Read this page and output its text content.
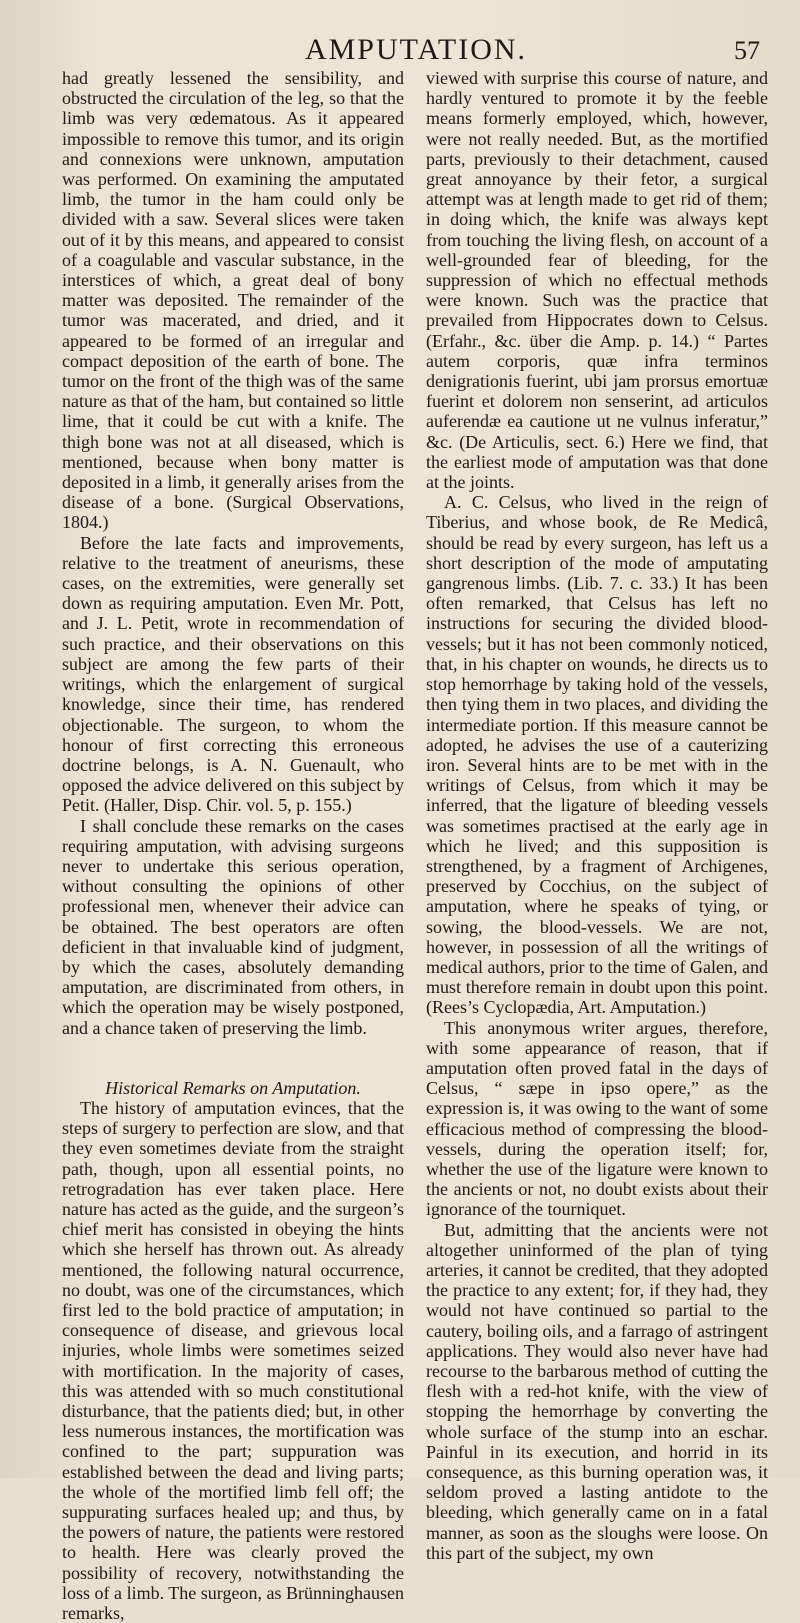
AMPUTATION.	57

had greatly lessened the sensibility, and obstructed the circulation of the leg, so that the limb was very œdematous. As it appeared impossible to remove this tumor, and its origin and connexions were unknown, amputation was performed. On examining the amputated limb, the tumor in the ham could only be divided with a saw. Several slices were taken out of it by this means, and appeared to consist of a coagulable and vascular substance, in the interstices of which, a great deal of bony matter was deposited. The remainder of the tumor was macerated, and dried, and it appeared to be formed of an irregular and compact deposition of the earth of bone. The tumor on the front of the thigh was of the same nature as that of the ham, but contained so little lime, that it could be cut with a knife. The thigh bone was not at all diseased, which is mentioned, because when bony matter is deposited in a limb, it generally arises from the disease of a bone. (Surgical Observations, 1804.)

Before the late facts and improvements, relative to the treatment of aneurisms, these cases, on the extremities, were generally set down as requiring amputation. Even Mr. Pott, and J. L. Petit, wrote in recommendation of such practice, and their observations on this subject are among the few parts of their writings, which the enlargement of surgical knowledge, since their time, has rendered objectionable. The surgeon, to whom the honour of first correcting this erroneous doctrine belongs, is A. N. Guenault, who opposed the advice delivered on this subject by Petit. (Haller, Disp. Chir. vol. 5, p. 155.)

I shall conclude these remarks on the cases requiring amputation, with advising surgeons never to undertake this serious operation, without consulting the opinions of other professional men, whenever their advice can be obtained. The best operators are often deficient in that invaluable kind of judgment, by which the cases, absolutely demanding amputation, are discriminated from others, in which the operation may be wisely postponed, and a chance taken of preserving the limb.

Historical Remarks on Amputation.

The history of amputation evinces, that the steps of surgery to perfection are slow, and that they even sometimes deviate from the straight path, though, upon all essential points, no retrogradation has ever taken place. Here nature has acted as the guide, and the surgeon’s chief merit has consisted in obeying the hints which she herself has thrown out. As already mentioned, the following natural occurrence, no doubt, was one of the circumstances, which first led to the bold practice of amputation; in consequence of disease, and grievous local injuries, whole limbs were sometimes seized with mortification. In the majority of cases, this was attended with so much constitutional disturbance, that the patients died; but, in other less numerous instances, the mortification was confined to the part; suppuration was established between the dead and living parts; the whole of the mortified limb fell off; the suppurating surfaces healed up; and thus, by the powers of nature, the patients were restored to health. Here was clearly proved the possibility of recovery, notwithstanding the loss of a limb. The surgeon, as Brünninghausen remarks,

viewed with surprise this course of nature, and hardly ventured to promote it by the feeble means formerly employed, which, however, were not really needed. But, as the mortified parts, previously to their detachment, caused great annoyance by their fetor, a surgical attempt was at length made to get rid of them; in doing which, the knife was always kept from touching the living flesh, on account of a well-grounded fear of bleeding, for the suppression of which no effectual methods were known. Such was the practice that prevailed from Hippocrates down to Celsus. (Erfahr., &c. über die Amp. p. 14.) “ Partes autem corporis, quæ infra terminos denigrationis fuerint, ubi jam prorsus emortuæ fuerint et dolorem non senserint, ad articulos auferendæ ea cautione ut ne vulnus inferatur,” &c. (De Articulis, sect. 6.) Here we find, that the earliest mode of amputation was that done at the joints.

A. C. Celsus, who lived in the reign of Tiberius, and whose book, de Re Medicâ, should be read by every surgeon, has left us a short description of the mode of amputating gangrenous limbs. (Lib. 7. c. 33.) It has been often remarked, that Celsus has left no instructions for securing the divided blood-vessels; but it has not been commonly noticed, that, in his chapter on wounds, he directs us to stop hemorrhage by taking hold of the vessels, then tying them in two places, and dividing the intermediate portion. If this measure cannot be adopted, he advises the use of a cauterizing iron. Several hints are to be met with in the writings of Celsus, from which it may be inferred, that the ligature of bleeding vessels was sometimes practised at the early age in which he lived; and this supposition is strengthened, by a fragment of Archigenes, preserved by Cocchius, on the subject of amputation, where he speaks of tying, or sowing, the blood-vessels. We are not, however, in possession of all the writings of medical authors, prior to the time of Galen, and must therefore remain in doubt upon this point. (Rees’s Cyclopædia, Art. Amputation.)

This anonymous writer argues, therefore, with some appearance of reason, that if amputation often proved fatal in the days of Celsus, “ sæpe in ipso opere,” as the expression is, it was owing to the want of some efficacious method of compressing the blood-vessels, during the operation itself; for, whether the use of the ligature were known to the ancients or not, no doubt exists about their ignorance of the tourniquet.

But, admitting that the ancients were not altogether uninformed of the plan of tying arteries, it cannot be credited, that they adopted the practice to any extent; for, if they had, they would not have continued so partial to the cautery, boiling oils, and a farrago of astringent applications. They would also never have had recourse to the barbarous method of cutting the flesh with a red-hot knife, with the view of stopping the hemorrhage by converting the whole surface of the stump into an eschar. Painful in its execution, and horrid in its consequence, as this burning operation was, it seldom proved a lasting antidote to the bleeding, which generally came on in a fatal manner, as soon as the sloughs were loose. On this part of the subject, my own
